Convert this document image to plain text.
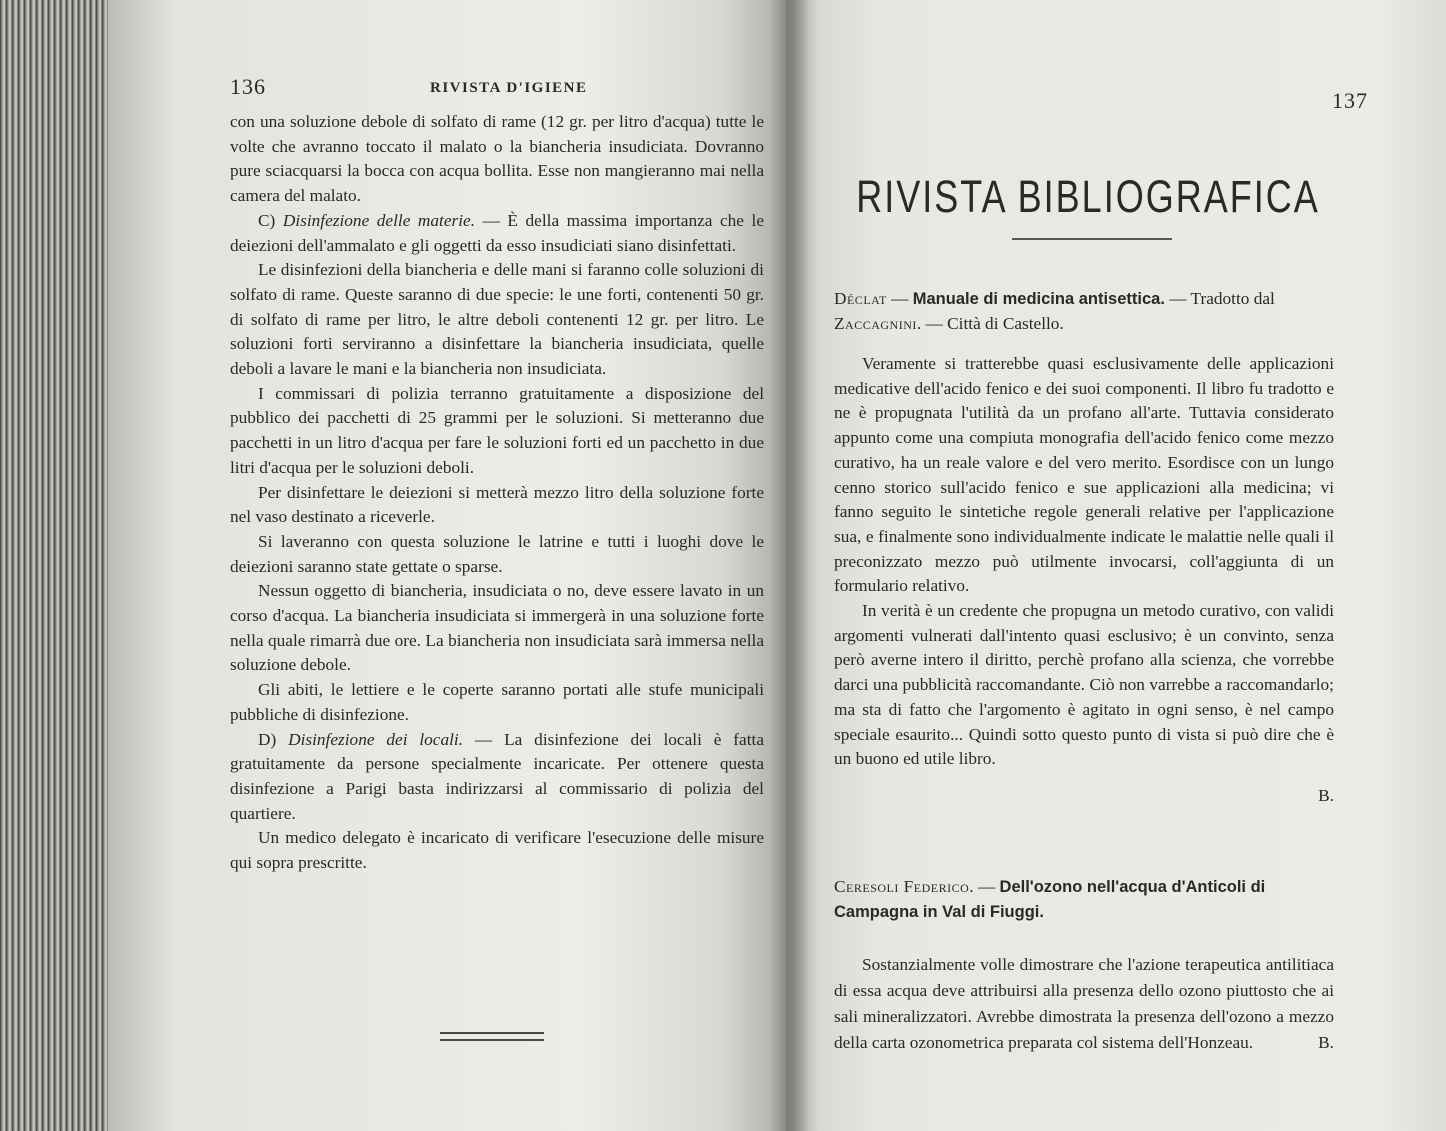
136	RIVISTA D'IGIENE

con una soluzione debole di solfato di rame (12 gr. per litro d'acqua) tutte le volte che avranno toccato il malato o la biancheria insudiciata. Dovranno pure sciacquarsi la bocca con acqua bollita. Esse non mangieranno mai nella camera del malato.

C) Disinfezione delle materie. — È della massima importanza che le deiezioni dell'ammalato e gli oggetti da esso insudiciati siano disinfettati.

Le disinfezioni della biancheria e delle mani si faranno colle soluzioni di solfato di rame. Queste saranno di due specie: le une forti, contenenti 50 gr. di solfato di rame per litro, le altre deboli contenenti 12 gr. per litro. Le soluzioni forti serviranno a disinfettare la biancheria insudiciata, quelle deboli a lavare le mani e la biancheria non insudiciata.

I commissari di polizia terranno gratuitamente a disposizione del pubblico dei pacchetti di 25 grammi per le soluzioni. Si metteranno due pacchetti in un litro d'acqua per fare le soluzioni forti ed un pacchetto in due litri d'acqua per le soluzioni deboli.

Per disinfettare le deiezioni si metterà mezzo litro della soluzione forte nel vaso destinato a riceverle.

Si laveranno con questa soluzione le latrine e tutti i luoghi dove le deiezioni saranno state gettate o sparse.

Nessun oggetto di biancheria, insudiciata o no, deve essere lavato in un corso d'acqua. La biancheria insudiciata si immergerà in una soluzione forte nella quale rimarrà due ore. La biancheria non insudiciata sarà immersa nella soluzione debole.

Gli abiti, le lettiere e le coperte saranno portati alle stufe municipali pubbliche di disinfezione.

D) Disinfezione dei locali. — La disinfezione dei locali è fatta gratuitamente da persone specialmente incaricate. Per ottenere questa disinfezione a Parigi basta indirizzarsi al commissario di polizia del quartiere.

Un medico delegato è incaricato di verificare l'esecuzione delle misure qui sopra prescritte.

137
RIVISTA BIBLIOGRAFICA
Déclat — Manuale di medicina antisettica. — Tradotto dal Zaccagnini. — Città di Castello.

Veramente si tratterebbe quasi esclusivamente delle applicazioni medicative dell'acido fenico e dei suoi componenti. Il libro fu tradotto e ne è propugnata l'utilità da un profano all'arte. Tuttavia considerato appunto come una compiuta monografia dell'acido fenico come mezzo curativo, ha un reale valore e del vero merito. Esordisce con un lungo cenno storico sull'acido fenico e sue applicazioni alla medicina; vi fanno seguito le sintetiche regole generali relative per l'applicazione sua, e finalmente sono individualmente indicate le malattie nelle quali il preconizzato mezzo può utilmente invocarsi, coll'aggiunta di un formulario relativo.

In verità è un credente che propugna un metodo curativo, con validi argomenti vulnerati dall'intento quasi esclusivo; è un convinto, senza però averne intero il diritto, perchè profano alla scienza, che vorrebbe darci una pubblicità raccomandante. Ciò non varrebbe a raccomandarlo; ma sta di fatto che l'argomento è agitato in ogni senso, è nel campo speciale esaurito... Quindi sotto questo punto di vista si può dire che è un buono ed utile libro.

B.

Ceresoli Federico. — Dell'ozono nell'acqua d'Anticoli di Campagna in Val di Fiuggi.

Sostanzialmente volle dimostrare che l'azione terapeutica antilitiaca di essa acqua deve attribuirsi alla presenza dello ozono piuttosto che ai sali mineralizzatori. Avrebbe dimostrata la presenza dell'ozono a mezzo della carta ozonometrica preparata col sistema dell'Honzeau.	B.
